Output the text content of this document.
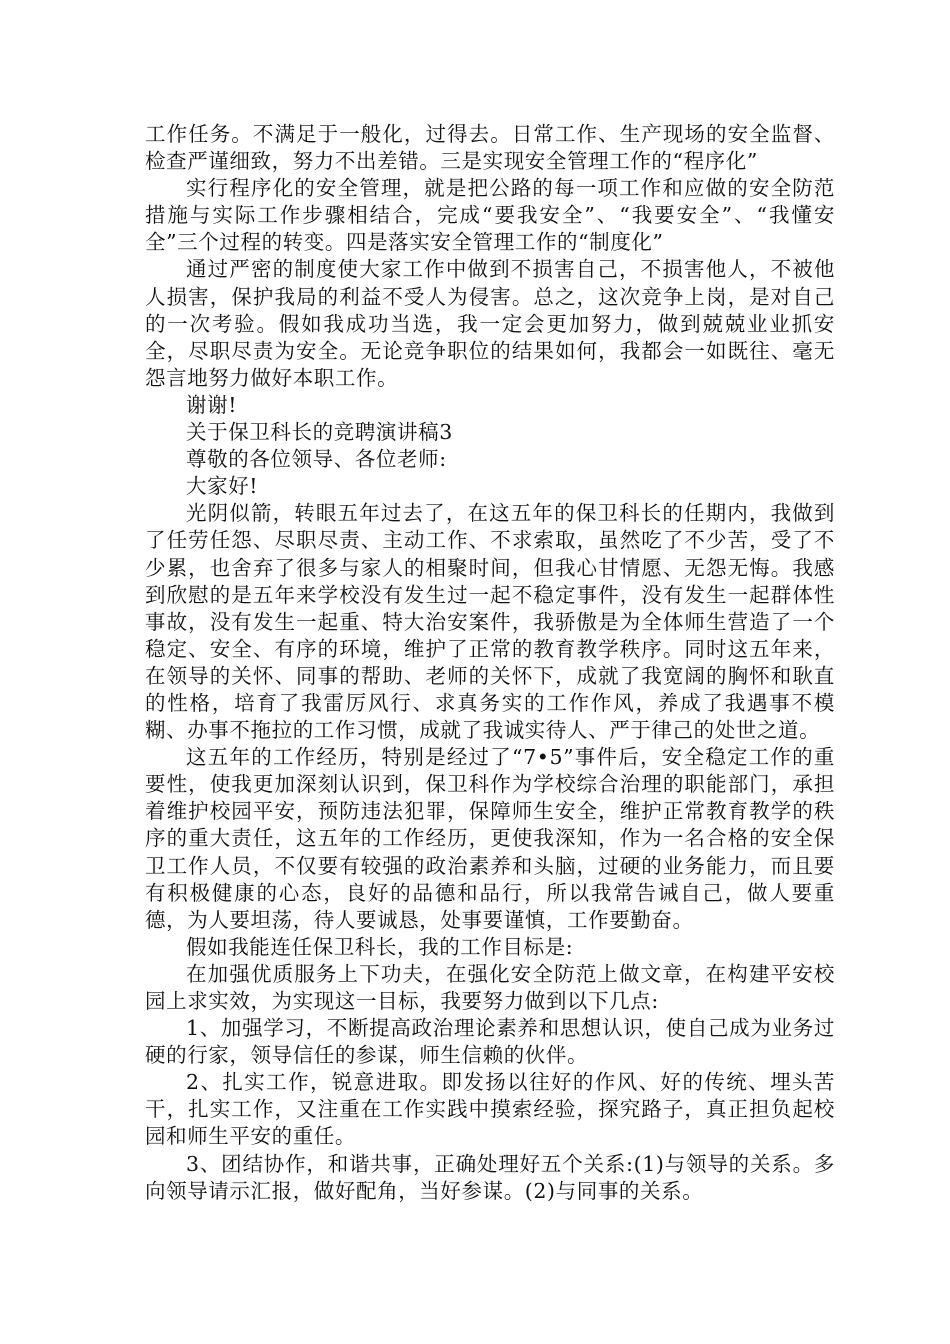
工作任务。不满足于一般化，过得去。日常工作、生产现场的安全监督、检查严谨细致，努力不出差错。三是实现安全管理工作的“程序化”

实行程序化的安全管理，就是把公路的每一项工作和应做的安全防范措施与实际工作步骤相结合，完成“要我安全”、“我要安全”、“我懂安全”三个过程的转变。四是落实安全管理工作的“制度化”

通过严密的制度使大家工作中做到不损害自己，不损害他人，不被他人损害，保护我局的利益不受人为侵害。总之，这次竞争上岗，是对自己的一次考验。假如我成功当选，我一定会更加努力，做到兢兢业业抓安全，尽职尽责为安全。无论竞争职位的结果如何，我都会一如既往、毫无怨言地努力做好本职工作。

谢谢!

关于保卫科长的竞聘演讲稿3

尊敬的各位领导、各位老师:

大家好!

光阴似箭，转眼五年过去了，在这五年的保卫科长的任期内，我做到了任劳任怨、尽职尽责、主动工作、不求索取，虽然吃了不少苦，受了不少累，也舍弃了很多与家人的相聚时间，但我心甘情愿、无怨无悔。我感到欣慰的是五年来学校没有发生过一起不稳定事件，没有发生一起群体性事故，没有发生一起重、特大治安案件，我骄傲是为全体师生营造了一个稳定、安全、有序的环境，维护了正常的教育教学秩序。同时这五年来，在领导的关怀、同事的帮助、老师的关怀下，成就了我宽阔的胸怀和耿直的性格，培育了我雷厉风行、求真务实的工作作风，养成了我遇事不模糊、办事不拖拉的工作习惯，成就了我诚实待人、严于律己的处世之道。

这五年的工作经历，特别是经过了“7•5”事件后，安全稳定工作的重要性，使我更加深刻认识到，保卫科作为学校综合治理的职能部门，承担着维护校园平安，预防违法犯罪，保障师生安全，维护正常教育教学的秩序的重大责任，这五年的工作经历，更使我深知，作为一名合格的安全保卫工作人员，不仅要有较强的政治素养和头脑，过硬的业务能力，而且要有积极健康的心态，良好的品德和品行，所以我常告诫自己，做人要重德，为人要坦荡，待人要诚恳，处事要谨慎，工作要勤奋。

假如我能连任保卫科长，我的工作目标是:

在加强优质服务上下功夫，在强化安全防范上做文章，在构建平安校园上求实效，为实现这一目标，我要努力做到以下几点:

1、加强学习，不断提高政治理论素养和思想认识，使自己成为业务过硬的行家，领导信任的参谋，师生信赖的伙伴。

2、扎实工作，锐意进取。即发扬以往好的作风、好的传统、埋头苦干，扎实工作，又注重在工作实践中摸索经验，探究路子，真正担负起校园和师生平安的重任。

3、团结协作，和谐共事，正确处理好五个关系:(1)与领导的关系。多向领导请示汇报，做好配角，当好参谋。(2)与同事的关系。
